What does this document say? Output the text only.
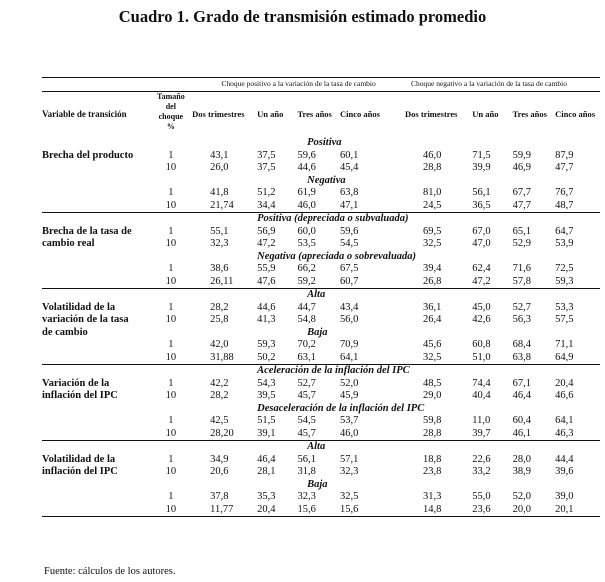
Cuadro 1. Grado de transmisión estimado promedio
		Choque positivo a la variación de la tasa de cambio				Choque negativo a la variación de la tasa de cambio			
Variable de transición	Tamaño
del
choque
%	Dos trimestres	Un año	Tres años	Cinco años	Dos trimestres	Un año	Tres años	Cinco años
			Positiva						
Brecha del producto	1	43,1	37,5	59,6	60,1	46,0	71,5	59,9	87,9
	10	26,0	37,5	44,6	45,4	28,8	39,9	46,9	47,7
			Negativa						
	1	41,8	51,2	61,9	63,8	81,0	56,1	67,7	76,7
	10	21,74	34,4	46,0	47,1	24,5	36,5	47,7	48,7
			Positiva (depreciada o subvaluada)						
Brecha de la tasa de	1	55,1	56,9	60,0	59,6	69,5	67,0	65,1	64,7
cambio real	10	32,3	47,2	53,5	54,5	32,5	47,0	52,9	53,9
			Negativa (apreciada o sobrevaluada)						
	1	38,6	55,9	66,2	67,5	39,4	62,4	71,6	72,5
	10	26,11	47,6	59,2	60,7	26,8	47,2	57,8	59,3
			Alta						
Volatilidad de la	1	28,2	44,6	44,7	43,4	36,1	45,0	52,7	53,3
variación de la tasa	10	25,8	41,3	54,8	56,0	26,4	42,6	56,3	57,5
de cambio			Baja						
	1	42,0	59,3	70,2	70,9	45,6	60,8	68,4	71,1
	10	31,88	50,2	63,1	64,1	32,5	51,0	63,8	64,9
			Aceleración de la inflación del IPC						
Variación de la	1	42,2	54,3	52,7	52,0	48,5	74,4	67,1	20,4
inflación del IPC	10	28,2	39,5	45,7	45,9	29,0	40,4	46,4	46,6
			Desaceleración de la inflación del IPC						
	1	42,5	51,5	54,5	53,7	59,8	11,0	60,4	64,1
	10	28,20	39,1	45,7	46,0	28,8	39,7	46,1	46,3
			Alta						
Volatilidad de la	1	34,9	46,4	56,1	57,1	18,8	22,6	28,0	44,4
inflación del IPC	10	20,6	28,1	31,8	32,3	23,8	33,2	38,9	39,6
			Baja						
	1	37,8	35,3	32,3	32,5	31,3	55,0	52,0	39,0
	10	11,77	20,4	15,6	15,6	14,8	23,6	20,0	20,1
Fuente: cálculos de los autores.
